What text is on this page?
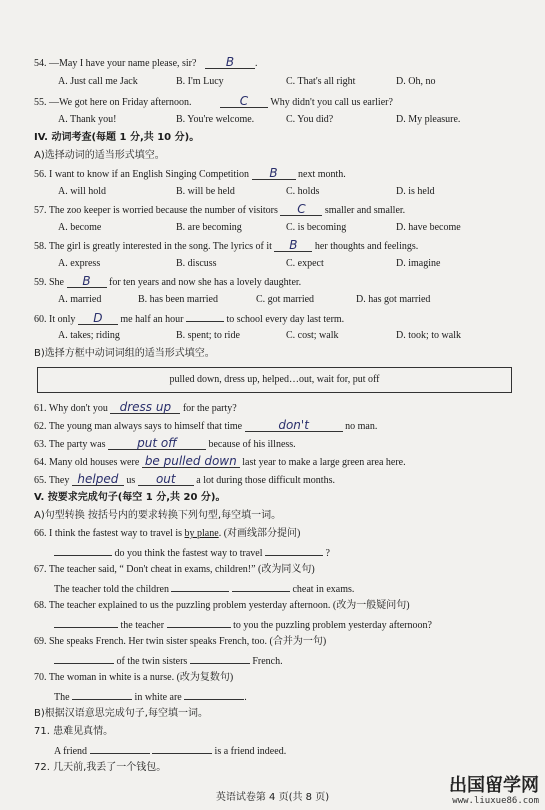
54. —May I have your name please, sir? B .
A. Just call me Jack	B. I'm Lucy	C. That's all right	D. Oh, no
55. —We got here on Friday afternoon.	C Why didn't you call us earlier?
A. Thank you!	B. You're welcome.	C. You did?	D. My pleasure.
IV. 动词考查(每题 1 分,共 10 分)。
A)选择动词的适当形式填空。
56. I want to know if an English Singing Competition B next month.
A. will hold	B. will be held	C. holds	D. is held
57. The zoo keeper is worried because the number of visitors C smaller and smaller.
A. become	B. are becoming	C. is becoming	D. have become
58. The girl is greatly interested in the song. The lyrics of it B her thoughts and feelings.
A. express	B. discuss	C. expect	D. imagine
59. She B for ten years and now she has a lovely daughter.
A. married	B. has been married	C. got married	D. has got married
60. It only D me half an hour	to school every day last term.
A. takes; riding	B. spent; to ride	C. cost; walk	D. took; to walk
B)选择方框中动词词组的适当形式填空。
pulled down, dress up, helped…out, wait for, put off
61. Why don't you dress up for the party?
62. The young man always says to himself that time	don't	no man.
63. The party was	put off	because of his illness.
64. Many old houses were be pulled down last year to make a large green area here.
65. They helped us out a lot during those difficult months.
V. 按要求完成句子(每空 1 分,共 20 分)。
A)句型转换 按括号内的要求转换下列句型,每空填一词。
66. I think the fastest way to travel is by plane. (对画线部分提问)
do you think the fastest way to travel	?
67. The teacher said, “ Don't cheat in exams, children!” (改为同义句)
The teacher told the children	cheat in exams.
68. The teacher explained to us the puzzling problem yesterday afternoon. (改为一般疑问句)
the teacher	to you the puzzling problem yesterday afternoon?
69. She speaks French. Her twin sister speaks French, too. (合并为一句)
of the twin sisters	French.
70. The woman in white is a nurse. (改为复数句)
The	in white are	.
B)根据汉语意思完成句子,每空填一词。
71. 患难见真情。
A friend	is a friend indeed.
72. 几天前,我丢了一个钱包。
英语试卷第 4 页(共 8 页)
出国留学网
www.liuxue86.com
